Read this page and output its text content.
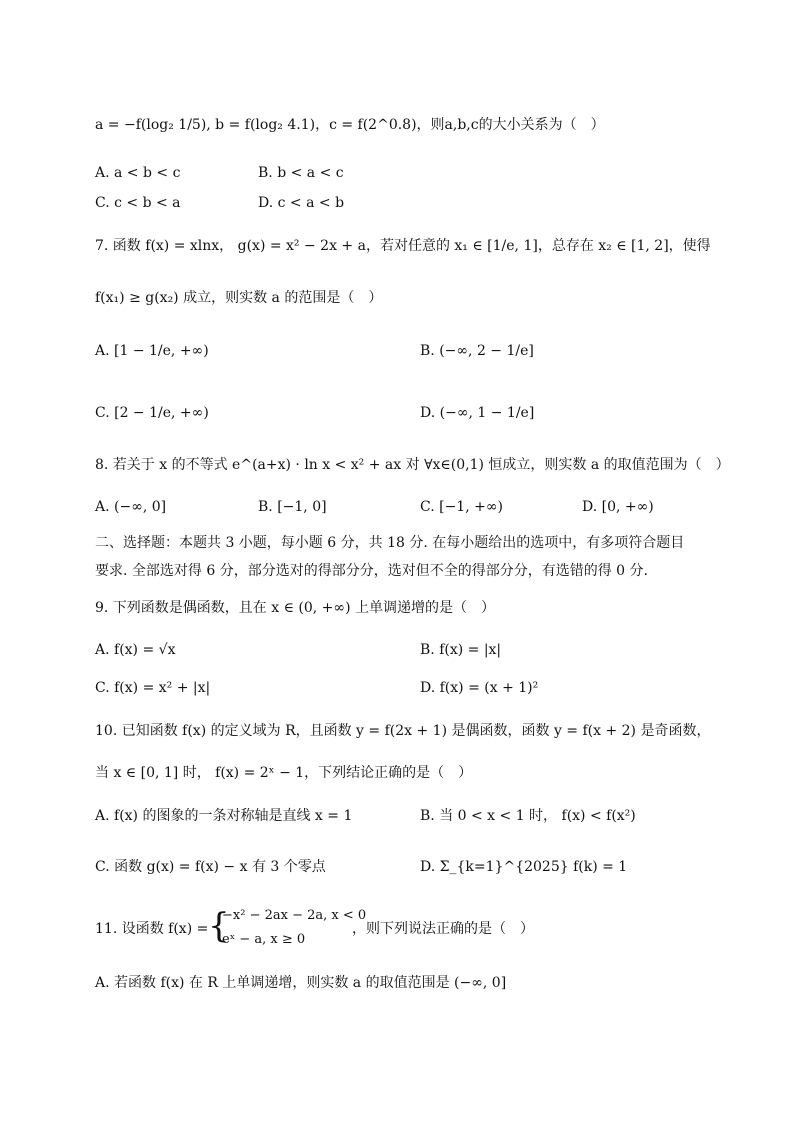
a = −f(log₂ 1/5), b = f(log₂ 4.1)，c = f(2^0.8)，则a,b,c的大小关系为（　）
A. a < b < c	B. b < a < c
C. c < b < a	D. c < a < b
7. 函数 f(x) = xlnx， g(x) = x² − 2x + a，若对任意的 x₁ ∈ [1/e, 1]，总存在 x₂ ∈ [1, 2]，使得
f(x₁) ≥ g(x₂) 成立，则实数 a 的范围是（　）
A. [1 − 1/e, +∞)	B. (−∞, 2 − 1/e]
C. [2 − 1/e, +∞)	D. (−∞, 1 − 1/e]
8. 若关于 x 的不等式 e^(a+x) · ln x < x² + ax 对 ∀x∈(0,1) 恒成立，则实数 a 的取值范围为（　）
A. (−∞, 0]	B. [−1, 0]	C. [−1, +∞)	D. [0, +∞)
二、选择题：本题共 3 小题，每小题 6 分，共 18 分. 在每小题给出的选项中，有多项符合题目
要求. 全部选对得 6 分，部分选对的得部分分，选对但不全的得部分分，有选错的得 0 分.
9. 下列函数是偶函数，且在 x ∈ (0, +∞) 上单调递增的是（　）
A. f(x) = √x	B. f(x) = |x|
C. f(x) = x² + |x|	D. f(x) = (x + 1)²
10. 已知函数 f(x) 的定义域为 R，且函数 y = f(2x + 1) 是偶函数，函数 y = f(x + 2) 是奇函数，
当 x ∈ [0, 1] 时， f(x) = 2ˣ − 1，下列结论正确的是（　）
A. f(x) 的图象的一条对称轴是直线 x = 1	B. 当 0 < x < 1 时， f(x) < f(x²)
C. 函数 g(x) = f(x) − x 有 3 个零点	D. Σ_{k=1}^{2025} f(k) = 1
11. 设函数 f(x) = {
−x² − 2ax − 2a, x < 0
eˣ − a, x ≥ 0
，则下列说法正确的是（　）
A. 若函数 f(x) 在 R 上单调递增，则实数 a 的取值范围是 (−∞, 0]
